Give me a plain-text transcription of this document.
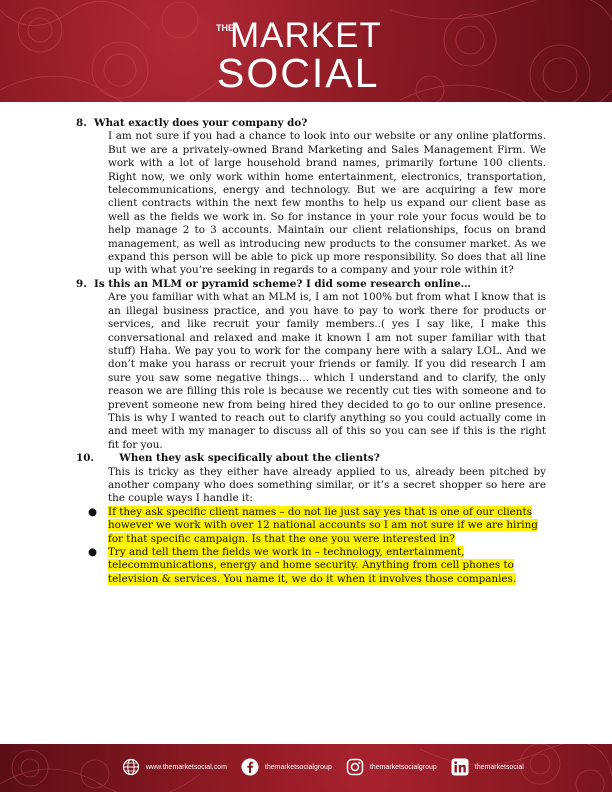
THE
MARKET
SOCIAL

8. What exactly does your company do?

I am not sure if you had a chance to look into our website or any online platforms. But we are a privately-owned Brand Marketing and Sales Management Firm. We work with a lot of large household brand names, primarily fortune 100 clients. Right now, we only work within home entertainment, electronics, transportation, telecommunications, energy and technology. But we are acquiring a few more client contracts within the next few months to help us expand our client base as well as the fields we work in. So for instance in your role your focus would be to help manage 2 to 3 accounts. Maintain our client relationships, focus on brand management, as well as introducing new products to the consumer market. As we expand this person will be able to pick up more responsibility. So does that all line up with what you’re seeking in regards to a company and your role within it?

9. Is this an MLM or pyramid scheme? I did some research online…

Are you familiar with what an MLM is, I am not 100% but from what I know that is an illegal business practice, and you have to pay to work there for products or services, and like recruit your family members..( yes I say like, I make this conversational and relaxed and make it known I am not super familiar with that stuff) Haha. We pay you to work for the company here with a salary LOL. And we don’t make you harass or recruit your friends or family. If you did research I am sure you saw some negative things… which I understand and to clarify, the only reason we are filling this role is because we recently cut ties with someone and to prevent someone new from being hired they decided to go to our online presence. This is why I wanted to reach out to clarify anything so you could actually come in and meet with my manager to discuss all of this so you can see if this is the right fit for you.

10. When they ask specifically about the clients?

This is tricky as they either have already applied to us, already been pitched by another company who does something similar, or it’s a secret shopper so here are the couple ways I handle it:

● If they ask specific client names – do not lie just say yes that is one of our clients however we work with over 12 national accounts so I am not sure if we are hiring for that specific campaign. Is that the one you were interested in?
● Try and tell them the fields we work in – technology, entertainment, telecommunications, energy and home security. Anything from cell phones to television & services. You name it, we do it when it involves those companies.
www.themarketsocial.com	themarketsocialgroup	themarketsocialgroup	themarketsocial
